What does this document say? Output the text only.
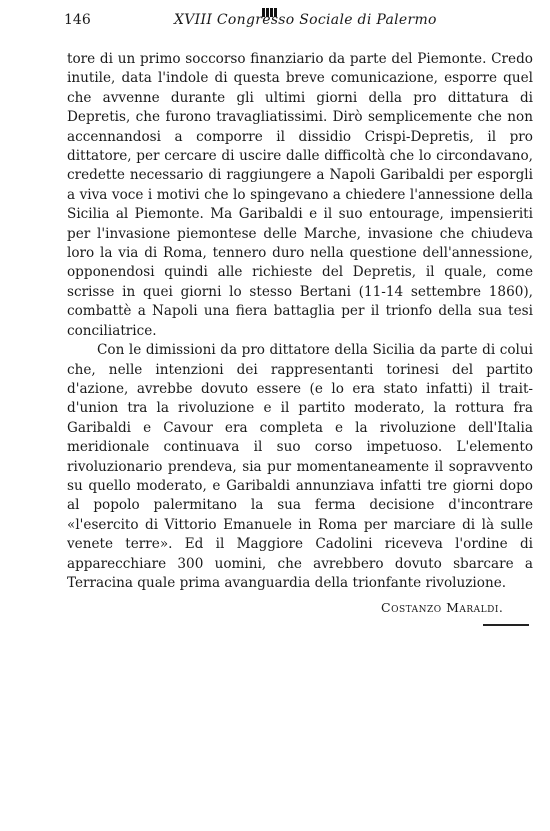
146	XVIII Congresso Sociale di Palermo

tore di un primo soccorso finanziario da parte del Piemonte. Credo inutile, data l'indole di questa breve comunicazione, esporre quel che avvenne durante gli ultimi giorni della pro dittatura di Depretis, che furono travagliatissimi. Dirò semplicemente che non accennandosi a comporre il dissidio Crispi-Depretis, il pro dittatore, per cercare di uscire dalle difficoltà che lo circondavano, credette necessario di raggiungere a Napoli Garibaldi per esporgli a viva voce i motivi che lo spingevano a chiedere l'annessione della Sicilia al Piemonte. Ma Garibaldi e il suo entourage, impensieriti per l'invasione piemontese delle Marche, invasione che chiudeva loro la via di Roma, tennero duro nella questione dell'annessione, opponendosi quindi alle richieste del Depretis, il quale, come scrisse in quei giorni lo stesso Bertani (11-14 settembre 1860), combattè a Napoli una fiera battaglia per il trionfo della sua tesi conciliatrice.

Con le dimissioni da pro dittatore della Sicilia da parte di colui che, nelle intenzioni dei rappresentanti torinesi del partito d'azione, avrebbe dovuto essere (e lo era stato infatti) il trait-d'union tra la rivoluzione e il partito moderato, la rottura fra Garibaldi e Cavour era completa e la rivoluzione dell'Italia meridionale continuava il suo corso impetuoso. L'elemento rivoluzionario prendeva, sia pur momentaneamente il sopravvento su quello moderato, e Garibaldi annunziava infatti tre giorni dopo al popolo palermitano la sua ferma decisione d'incontrare «l'esercito di Vittorio Emanuele in Roma per marciare di là sulle venete terre». Ed il Maggiore Cadolini riceveva l'ordine di apparecchiare 300 uomini, che avrebbero dovuto sbarcare a Terracina quale prima avanguardia della trionfante rivoluzione.

Costanzo Maraldi.
